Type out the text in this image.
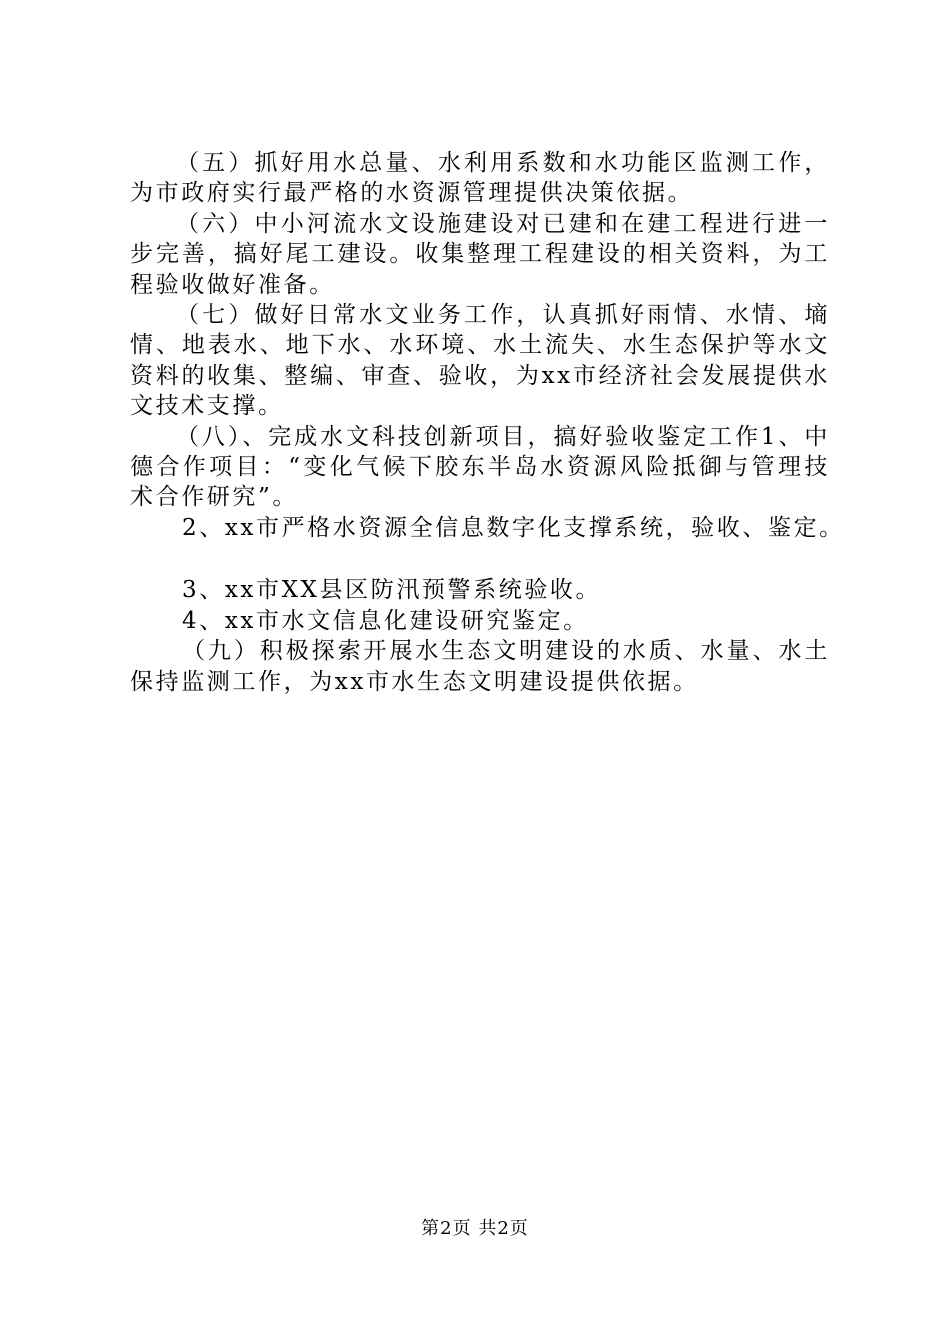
（五）抓好用水总量、水利用系数和水功能区监测工作，为市政府实行最严格的水资源管理提供决策依据。

（六）中小河流水文设施建设对已建和在建工程进行进一步完善，搞好尾工建设。收集整理工程建设的相关资料，为工程验收做好准备。

（七）做好日常水文业务工作，认真抓好雨情、水情、墒情、地表水、地下水、水环境、水土流失、水生态保护等水文资料的收集、整编、审查、验收，为xx市经济社会发展提供水文技术支撑。

（八）、完成水文科技创新项目，搞好验收鉴定工作1、中德合作项目：“变化气候下胶东半岛水资源风险抵御与管理技术合作研究”。

2、xx市严格水资源全信息数字化支撑系统，验收、鉴定。

3、xx市XX县区防汛预警系统验收。

4、xx市水文信息化建设研究鉴定。

（九）积极探索开展水生态文明建设的水质、水量、水土保持监测工作，为xx市水生态文明建设提供依据。

第2页 共2页
